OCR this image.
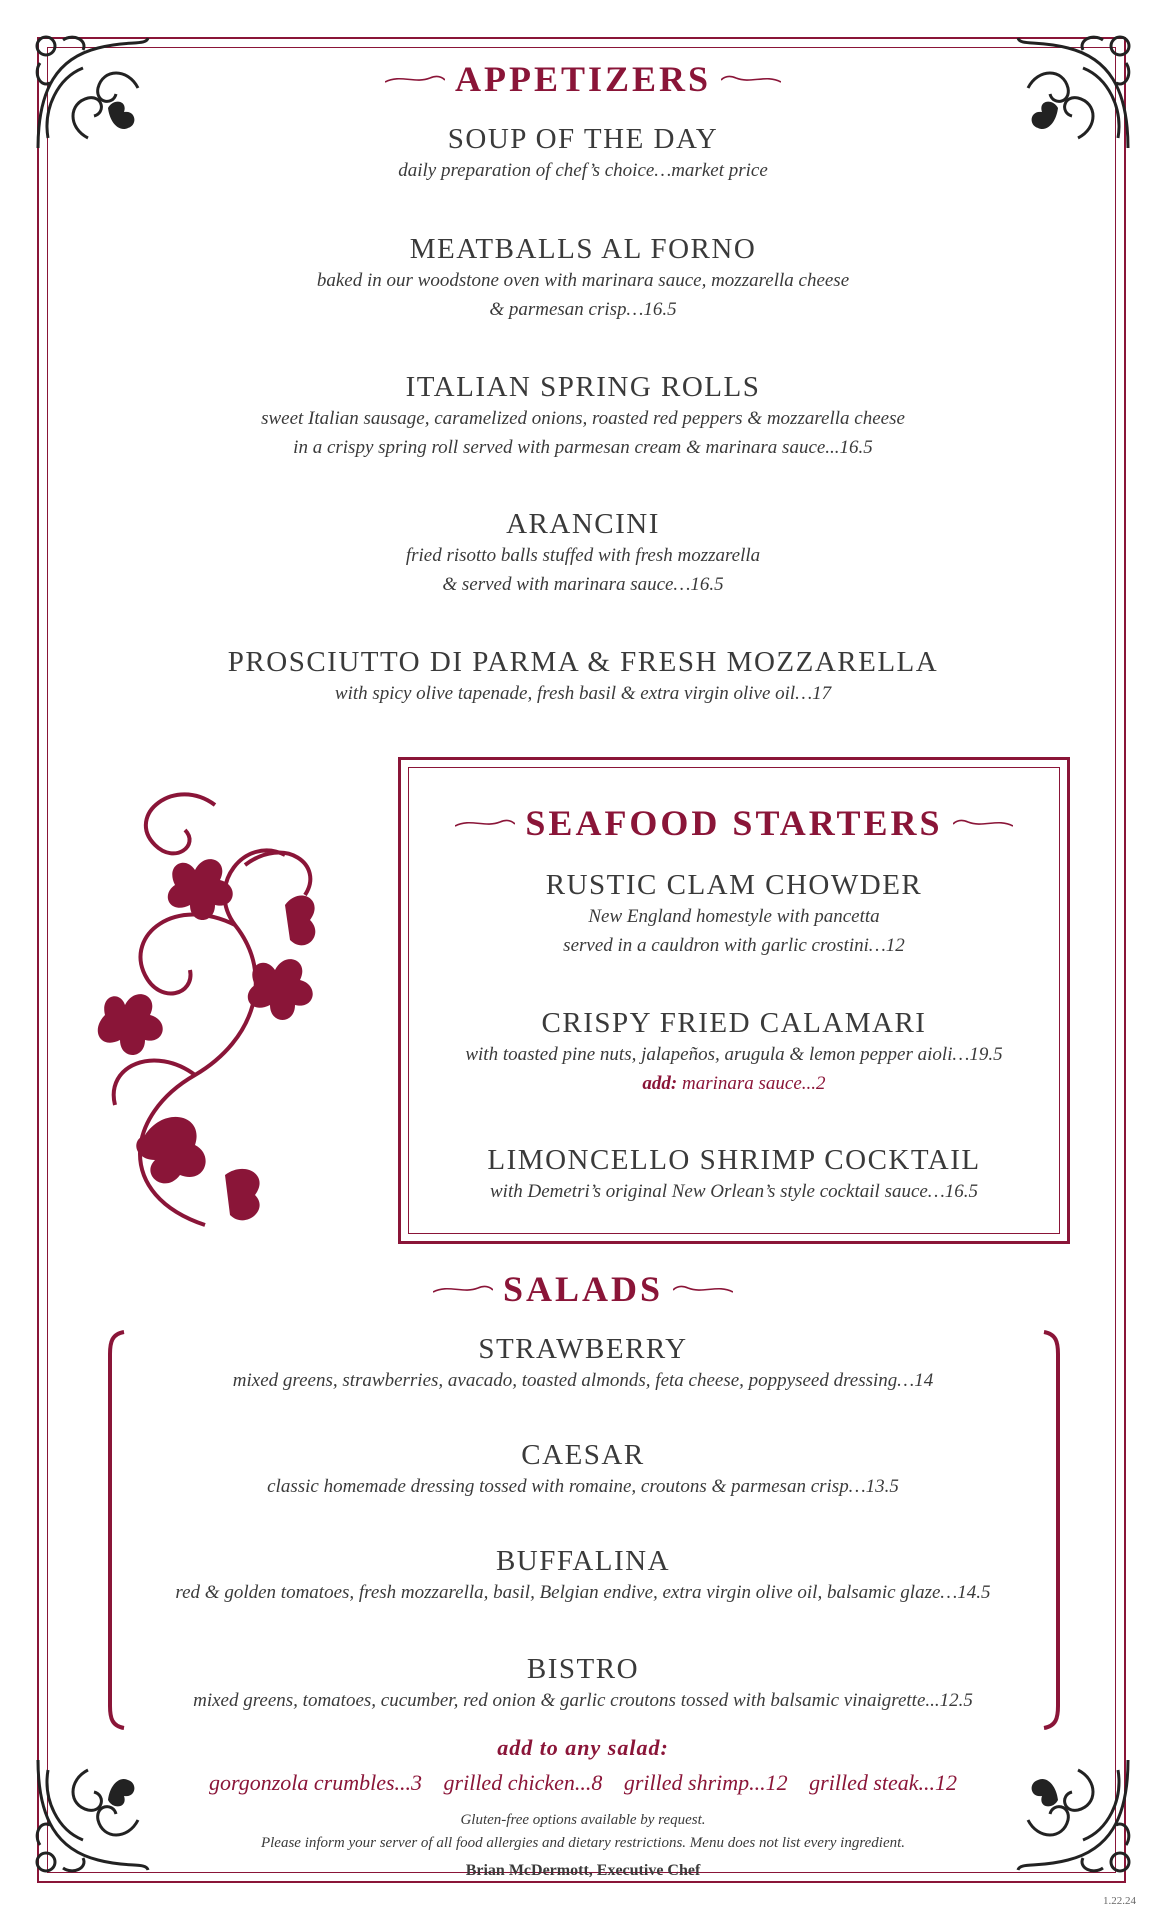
APPETIZERS
SOUP OF THE DAY
daily preparation of chef’s choice…market price
MEATBALLS AL FORNO
baked in our woodstone oven with marinara sauce, mozzarella cheese
& parmesan crisp…16.5
ITALIAN SPRING ROLLS
sweet Italian sausage, caramelized onions, roasted red peppers & mozzarella cheese
in a crispy spring roll served with parmesan cream & marinara sauce...16.5
ARANCINI
fried risotto balls stuffed with fresh mozzarella
& served with marinara sauce…16.5
PROSCIUTTO DI PARMA & FRESH MOZZARELLA
with spicy olive tapenade, fresh basil & extra virgin olive oil…17
SEAFOOD STARTERS
RUSTIC CLAM CHOWDER
New England homestyle with pancetta
served in a cauldron with garlic crostini…12
CRISPY FRIED CALAMARI
with toasted pine nuts, jalapeños, arugula & lemon pepper aioli…19.5
add: marinara sauce...2
LIMONCELLO SHRIMP COCKTAIL
with Demetri’s original New Orlean’s style cocktail sauce…16.5
SALADS
STRAWBERRY
mixed greens, strawberries, avacado, toasted almonds, feta cheese, poppyseed dressing…14
CAESAR
classic homemade dressing tossed with romaine, croutons & parmesan crisp…13.5
BUFFALINA
red & golden tomatoes, fresh mozzarella, basil, Belgian endive, extra virgin olive oil, balsamic glaze…14.5
BISTRO
mixed greens, tomatoes, cucumber, red onion & garlic croutons tossed with balsamic vinaigrette...12.5
add to any salad:
gorgonzola crumbles...3 grilled chicken...8 grilled shrimp...12 grilled steak...12
Gluten-free options available by request.
Please inform your server of all food allergies and dietary restrictions. Menu does not list every ingredient.
Brian McDermott, Executive Chef
1.22.24
